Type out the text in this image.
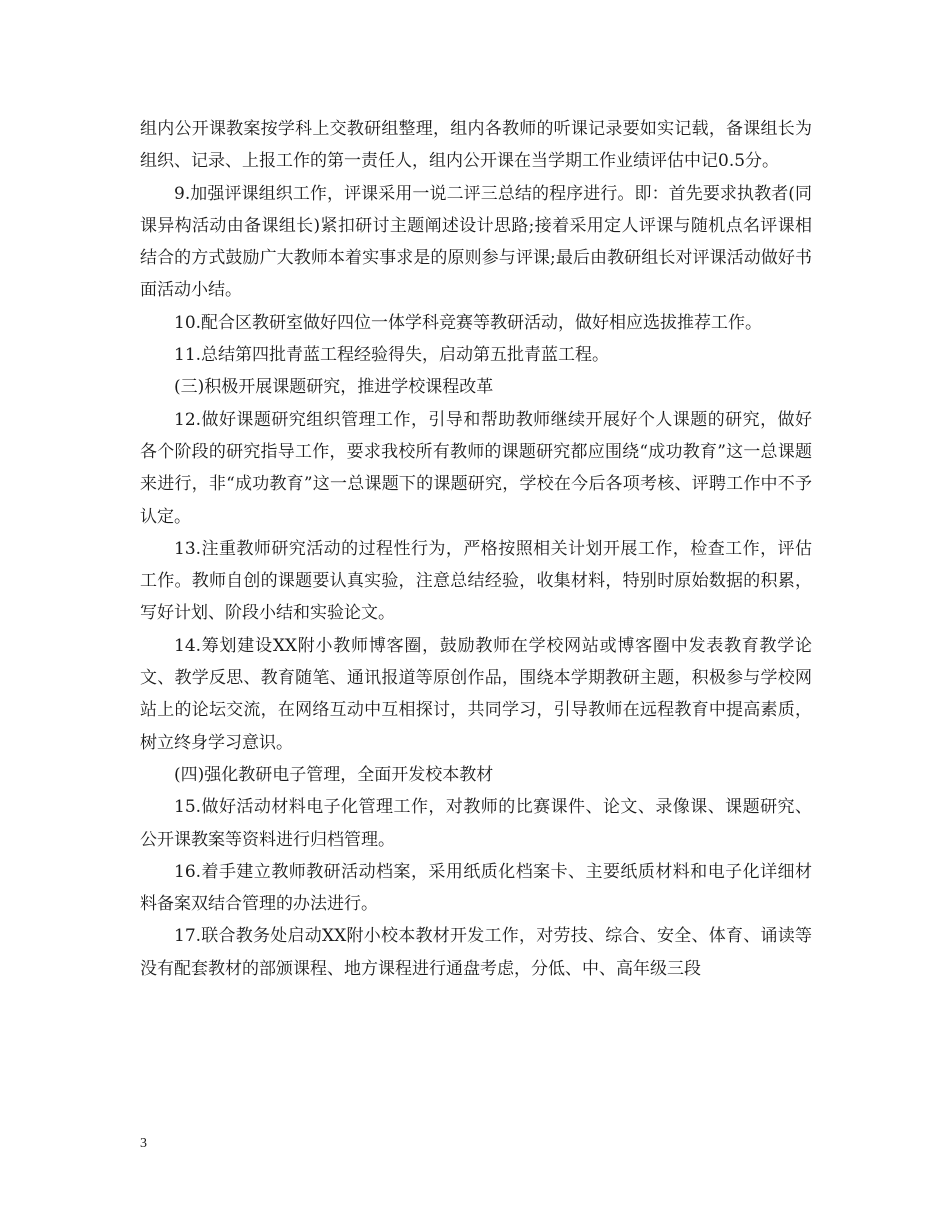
组内公开课教案按学科上交教研组整理，组内各教师的听课记录要如实记载，备课组长为组织、记录、上报工作的第一责任人，组内公开课在当学期工作业绩评估中记0.5分。

9.加强评课组织工作，评课采用一说二评三总结的程序进行。即：首先要求执教者(同课异构活动由备课组长)紧扣研讨主题阐述设计思路;接着采用定人评课与随机点名评课相结合的方式鼓励广大教师本着实事求是的原则参与评课;最后由教研组长对评课活动做好书面活动小结。

10.配合区教研室做好四位一体学科竞赛等教研活动，做好相应选拔推荐工作。

11.总结第四批青蓝工程经验得失，启动第五批青蓝工程。

(三)积极开展课题研究，推进学校课程改革

12.做好课题研究组织管理工作，引导和帮助教师继续开展好个人课题的研究，做好各个阶段的研究指导工作，要求我校所有教师的课题研究都应围绕“成功教育”这一总课题来进行，非“成功教育”这一总课题下的课题研究，学校在今后各项考核、评聘工作中不予认定。

13.注重教师研究活动的过程性行为，严格按照相关计划开展工作，检查工作，评估工作。教师自创的课题要认真实验，注意总结经验，收集材料，特别时原始数据的积累，写好计划、阶段小结和实验论文。

14.筹划建设XX附小教师博客圈，鼓励教师在学校网站或博客圈中发表教育教学论文、教学反思、教育随笔、通讯报道等原创作品，围绕本学期教研主题，积极参与学校网站上的论坛交流，在网络互动中互相探讨，共同学习，引导教师在远程教育中提高素质，树立终身学习意识。

(四)强化教研电子管理，全面开发校本教材

15.做好活动材料电子化管理工作，对教师的比赛课件、论文、录像课、课题研究、公开课教案等资料进行归档管理。

16.着手建立教师教研活动档案，采用纸质化档案卡、主要纸质材料和电子化详细材料备案双结合管理的办法进行。

17.联合教务处启动XX附小校本教材开发工作，对劳技、综合、安全、体育、诵读等没有配套教材的部颁课程、地方课程进行通盘考虑，分低、中、高年级三段

3
